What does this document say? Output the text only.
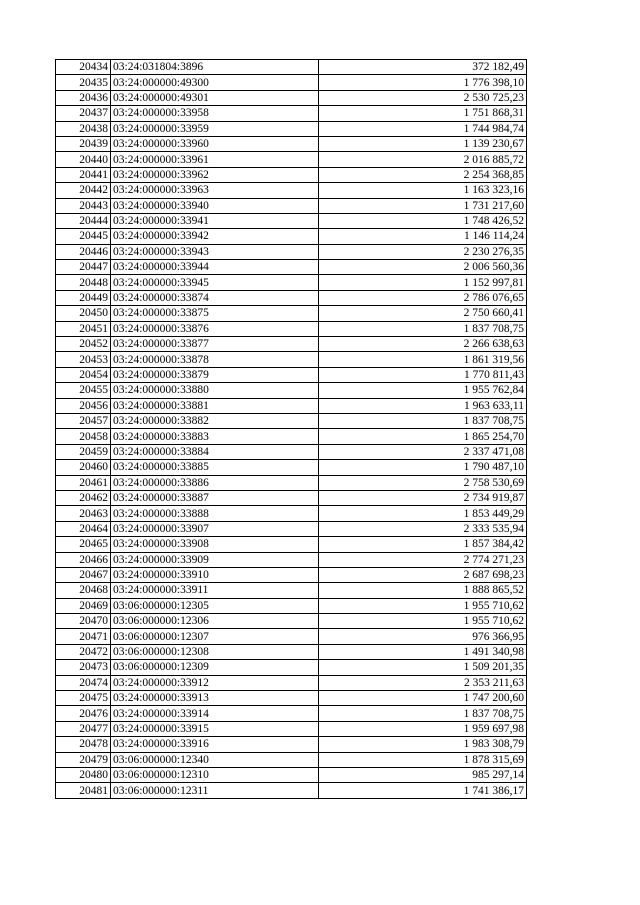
20434	03:24:031804:3896	372 182,49
20435	03:24:000000:49300	1 776 398,10
20436	03:24:000000:49301	2 530 725,23
20437	03:24:000000:33958	1 751 868,31
20438	03:24:000000:33959	1 744 984,74
20439	03:24:000000:33960	1 139 230,67
20440	03:24:000000:33961	2 016 885,72
20441	03:24:000000:33962	2 254 368,85
20442	03:24:000000:33963	1 163 323,16
20443	03:24:000000:33940	1 731 217,60
20444	03:24:000000:33941	1 748 426,52
20445	03:24:000000:33942	1 146 114,24
20446	03:24:000000:33943	2 230 276,35
20447	03:24:000000:33944	2 006 560,36
20448	03:24:000000:33945	1 152 997,81
20449	03:24:000000:33874	2 786 076,65
20450	03:24:000000:33875	2 750 660,41
20451	03:24:000000:33876	1 837 708,75
20452	03:24:000000:33877	2 266 638,63
20453	03:24:000000:33878	1 861 319,56
20454	03:24:000000:33879	1 770 811,43
20455	03:24:000000:33880	1 955 762,84
20456	03:24:000000:33881	1 963 633,11
20457	03:24:000000:33882	1 837 708,75
20458	03:24:000000:33883	1 865 254,70
20459	03:24:000000:33884	2 337 471,08
20460	03:24:000000:33885	1 790 487,10
20461	03:24:000000:33886	2 758 530,69
20462	03:24:000000:33887	2 734 919,87
20463	03:24:000000:33888	1 853 449,29
20464	03:24:000000:33907	2 333 535,94
20465	03:24:000000:33908	1 857 384,42
20466	03:24:000000:33909	2 774 271,23
20467	03:24:000000:33910	2 687 698,23
20468	03:24:000000:33911	1 888 865,52
20469	03:06:000000:12305	1 955 710,62
20470	03:06:000000:12306	1 955 710,62
20471	03:06:000000:12307	976 366,95
20472	03:06:000000:12308	1 491 340,98
20473	03:06:000000:12309	1 509 201,35
20474	03:24:000000:33912	2 353 211,63
20475	03:24:000000:33913	1 747 200,60
20476	03:24:000000:33914	1 837 708,75
20477	03:24:000000:33915	1 959 697,98
20478	03:24:000000:33916	1 983 308,79
20479	03:06:000000:12340	1 878 315,69
20480	03:06:000000:12310	985 297,14
20481	03:06:000000:12311	1 741 386,17
